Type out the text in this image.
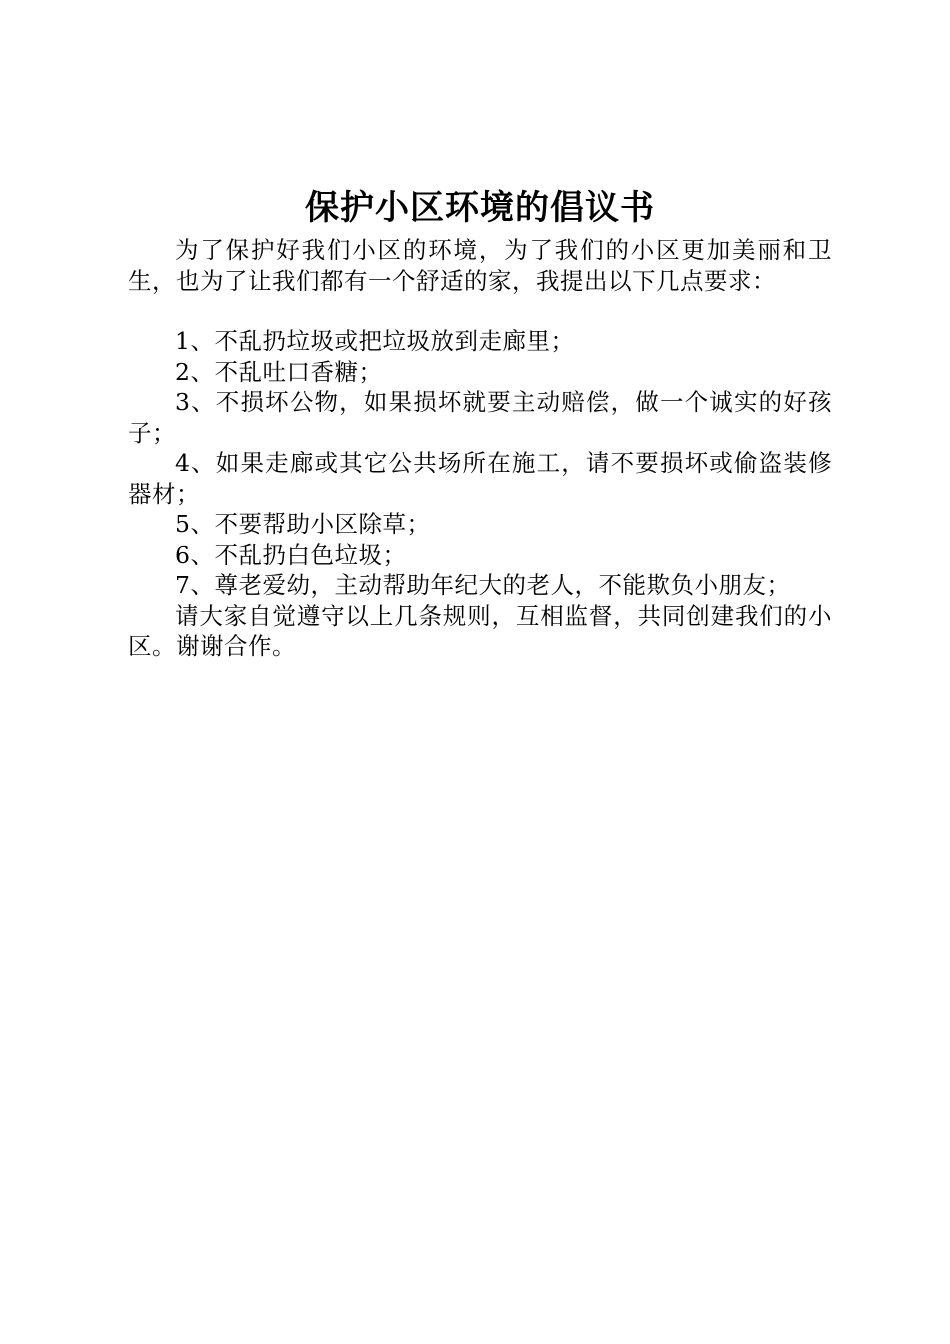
保护小区环境的倡议书

为了保护好我们小区的环境，为了我们的小区更加美丽和卫生，也为了让我们都有一个舒适的家，我提出以下几点要求：

1、不乱扔垃圾或把垃圾放到走廊里；

2、不乱吐口香糖；

3、不损坏公物，如果损坏就要主动赔偿，做一个诚实的好孩子；

4、如果走廊或其它公共场所在施工，请不要损坏或偷盗装修器材；

5、不要帮助小区除草；

6、不乱扔白色垃圾；

7、尊老爱幼，主动帮助年纪大的老人，不能欺负小朋友；

请大家自觉遵守以上几条规则，互相监督，共同创建我们的小区。谢谢合作。
